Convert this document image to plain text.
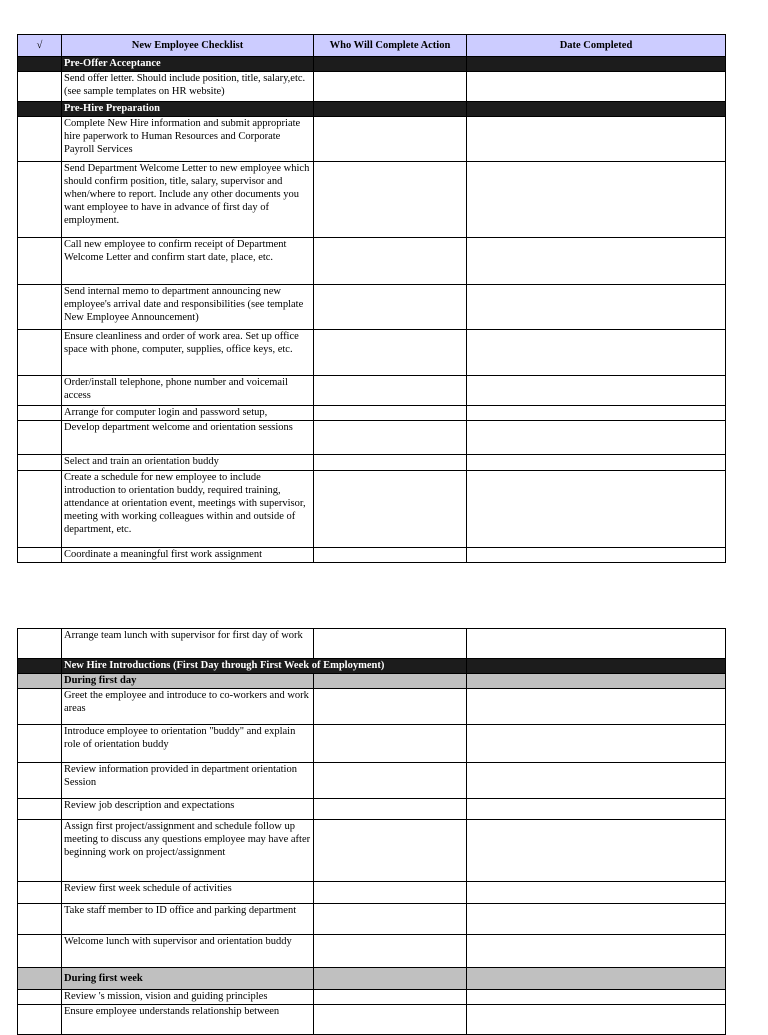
√	New Employee Checklist	Who Will Complete Action	Date Completed
	Pre-Offer Acceptance		
	Send offer letter. Should include position, title, salary,etc. (see sample templates on HR website)		
	Pre-Hire Preparation		
	Complete New Hire information and submit appropriate hire paperwork to Human Resources and Corporate Payroll Services		
	Send Department Welcome Letter to new employee which should confirm position, title, salary, supervisor and when/where to report. Include any other documents you want employee to have in advance of first day of employment.		
	Call new employee to confirm receipt of Department Welcome Letter and confirm start date, place, etc.		
	Send internal memo to department announcing new employee's arrival date and responsibilities (see template New Employee Announcement)		
	Ensure cleanliness and order of work area. Set up office space with phone, computer, supplies, office keys, etc.		
	Order/install telephone, phone number and voicemail access		
	Arrange for computer login and password setup,		
	Develop department welcome and orientation sessions		
	Select and train an orientation buddy		
	Create a schedule for new employee to include introduction to orientation buddy, required training, attendance at orientation event, meetings with supervisor, meeting with working colleagues within and outside of department, etc.		
	Coordinate a meaningful first work assignment		
	Arrange team lunch with supervisor for first day of work		
	New Hire Introductions (First Day through First Week of Employment)		
	During first day		
	Greet the employee and introduce to co-workers and work areas		
	Introduce employee to orientation "buddy" and explain role of orientation buddy		
	Review information provided in department orientation Session		
	Review job description and expectations		
	Assign first project/assignment and schedule follow up meeting to discuss any questions employee may have after beginning work on project/assignment		
	Review first week schedule of activities		
	Take staff member to ID office and parking department		
	Welcome lunch with supervisor and orientation buddy		
	During first week		
	Review 's mission, vision and guiding principles		
	Ensure employee understands relationship between		
